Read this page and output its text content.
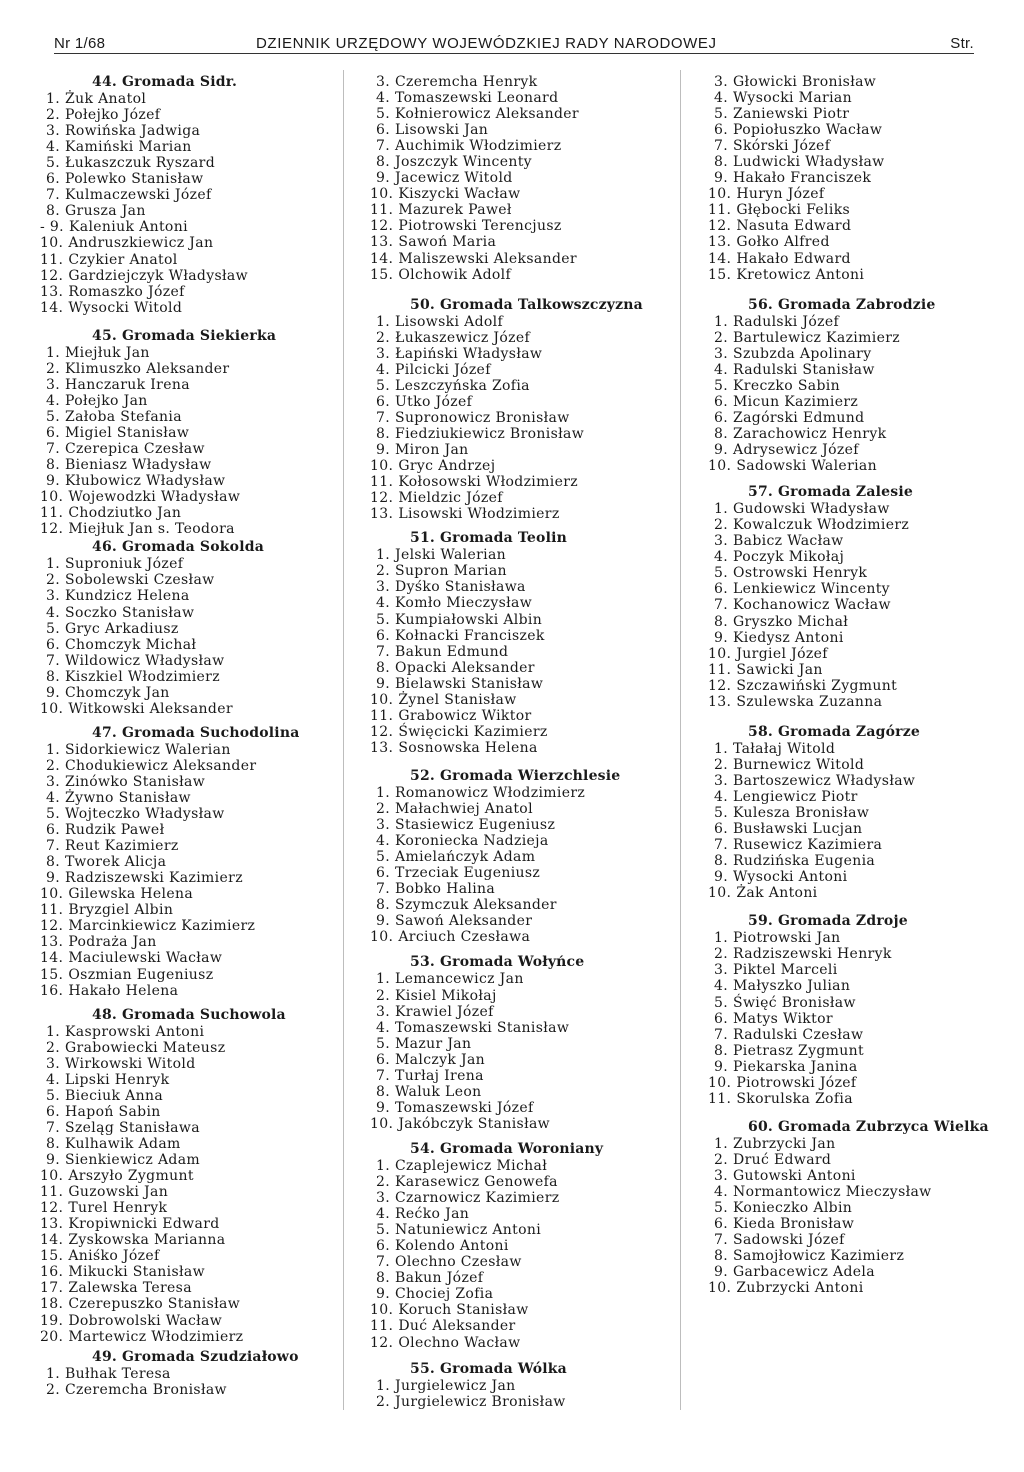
Nr 1/68	DZIENNIK URZĘDOWY WOJEWÓDZKIEJ RADY NARODOWEJ	Str.
44. Gromada Sidr.
1. Żuk Anatol
2. Połejko Józef
3. Rowińska Jadwiga
4. Kamiński Marian
5. Łukaszczuk Ryszard
6. Polewko Stanisław
7. Kulmaczewski Józef
8. Grusza Jan
- 9. Kaleniuk Antoni
10. Andruszkiewicz Jan
11. Czykier Anatol
12. Gardziejczyk Władysław
13. Romaszko Józef
14. Wysocki Witold
45. Gromada Siekierka
1. Miejłuk Jan
2. Klimuszko Aleksander
3. Hanczaruk Irena
4. Połejko Jan
5. Załoba Stefania
6. Migiel Stanisław
7. Czerepica Czesław
8. Bieniasz Władysław
9. Kłubowicz Władysław
10. Wojewodzki Władysław
11. Chodziutko Jan
12. Miejłuk Jan s. Teodora
46. Gromada Sokolda
1. Suproniuk Józef
2. Sobolewski Czesław
3. Kundzicz Helena
4. Soczko Stanisław
5. Gryc Arkadiusz
6. Chomczyk Michał
7. Wildowicz Władysław
8. Kiszkiel Włodzimierz
9. Chomczyk Jan
10. Witkowski Aleksander
47. Gromada Suchodolina
1. Sidorkiewicz Walerian
2. Chodukiewicz Aleksander
3. Zinówko Stanisław
4. Żywno Stanisław
5. Wojteczko Władysław
6. Rudzik Paweł
7. Reut Kazimierz
8. Tworek Alicja
9. Radziszewski Kazimierz
10. Gilewska Helena
11. Bryzgiel Albin
12. Marcinkiewicz Kazimierz
13. Podraża Jan
14. Maciulewski Wacław
15. Oszmian Eugeniusz
16. Hakało Helena
48. Gromada Suchowola
1. Kasprowski Antoni
2. Grabowiecki Mateusz
3. Wirkowski Witold
4. Lipski Henryk
5. Bieciuk Anna
6. Hapoń Sabin
7. Szeląg Stanisława
8. Kulhawik Adam
9. Sienkiewicz Adam
10. Arszyło Zygmunt
11. Guzowski Jan
12. Turel Henryk
13. Kropiwnicki Edward
14. Zyskowska Marianna
15. Aniśko Józef
16. Mikucki Stanisław
17. Zalewska Teresa
18. Czerepuszko Stanisław
19. Dobrowolski Wacław
20. Martewicz Włodzimierz
49. Gromada Szudziałowo
1. Bułhak Teresa
2. Czeremcha Bronisław
3. Czeremcha Henryk
4. Tomaszewski Leonard
5. Kołnierowicz Aleksander
6. Lisowski Jan
7. Auchimik Włodzimierz
8. Joszczyk Wincenty
9. Jacewicz Witold
10. Kiszycki Wacław
11. Mazurek Paweł
12. Piotrowski Terencjusz
13. Sawoń Maria
14. Maliszewski Aleksander
15. Olchowik Adolf
50. Gromada Talkowszczyzna
1. Lisowski Adolf
2. Łukaszewicz Józef
3. Łapiński Władysław
4. Pilcicki Józef
5. Leszczyńska Zofia
6. Utko Józef
7. Supronowicz Bronisław
8. Fiedziukiewicz Bronisław
9. Miron Jan
10. Gryc Andrzej
11. Kołosowski Włodzimierz
12. Mieldzic Józef
13. Lisowski Włodzimierz
51. Gromada Teolin
1. Jelski Walerian
2. Supron Marian
3. Dyśko Stanisława
4. Komło Mieczysław
5. Kumpiałowski Albin
6. Kołnacki Franciszek
7. Bakun Edmund
8. Opacki Aleksander
9. Bielawski Stanisław
10. Żynel Stanisław
11. Grabowicz Wiktor
12. Święcicki Kazimierz
13. Sosnowska Helena
52. Gromada Wierzchlesie
1. Romanowicz Włodzimierz
2. Małachwiej Anatol
3. Stasiewicz Eugeniusz
4. Koroniecka Nadzieja
5. Amielańczyk Adam
6. Trzeciak Eugeniusz
7. Bobko Halina
8. Szymczuk Aleksander
9. Sawoń Aleksander
10. Arciuch Czesława
53. Gromada Wołyńce
1. Lemancewicz Jan
2. Kisiel Mikołaj
3. Krawiel Józef
4. Tomaszewski Stanisław
5. Mazur Jan
6. Malczyk Jan
7. Turłaj Irena
8. Waluk Leon
9. Tomaszewski Józef
10. Jakóbczyk Stanisław
54. Gromada Woroniany
1. Czaplejewicz Michał
2. Karasewicz Genowefa
3. Czarnowicz Kazimierz
4. Rećko Jan
5. Natuniewicz Antoni
6. Kolendo Antoni
7. Olechno Czesław
8. Bakun Józef
9. Chociej Zofia
10. Koruch Stanisław
11. Duć Aleksander
12. Olechno Wacław
55. Gromada Wólka
1. Jurgielewicz Jan
2. Jurgielewicz Bronisław
3. Głowicki Bronisław
4. Wysocki Marian
5. Zaniewski Piotr
6. Popiołuszko Wacław
7. Skórski Józef
8. Ludwicki Władysław
9. Hakało Franciszek
10. Huryn Józef
11. Głębocki Feliks
12. Nasuta Edward
13. Gołko Alfred
14. Hakało Edward
15. Kretowicz Antoni
56. Gromada Zabrodzie
1. Radulski Józef
2. Bartulewicz Kazimierz
3. Szubzda Apolinary
4. Radulski Stanisław
5. Kreczko Sabin
6. Micun Kazimierz
6. Zagórski Edmund
8. Zarachowicz Henryk
9. Adrysewicz Józef
10. Sadowski Walerian
57. Gromada Zalesie
1. Gudowski Władysław
2. Kowalczuk Włodzimierz
3. Babicz Wacław
4. Poczyk Mikołaj
5. Ostrowski Henryk
6. Lenkiewicz Wincenty
7. Kochanowicz Wacław
8. Gryszko Michał
9. Kiedysz Antoni
10. Jurgiel Józef
11. Sawicki Jan
12. Szczawiński Zygmunt
13. Szulewska Zuzanna
58. Gromada Zagórze
1. Tałałaj Witold
2. Burnewicz Witold
3. Bartoszewicz Władysław
4. Lengiewicz Piotr
5. Kulesza Bronisław
6. Busławski Lucjan
7. Rusewicz Kazimiera
8. Rudzińska Eugenia
9. Wysocki Antoni
10. Żak Antoni
59. Gromada Zdroje
1. Piotrowski Jan
2. Radziszewski Henryk
3. Piktel Marceli
4. Małyszko Julian
5. Święć Bronisław
6. Matys Wiktor
7. Radulski Czesław
8. Pietrasz Zygmunt
9. Piekarska Janina
10. Piotrowski Józef
11. Skorulska Zofia
60. Gromada Zubrzyca Wielka
1. Zubrzycki Jan
2. Druć Edward
3. Gutowski Antoni
4. Normantowicz Mieczysław
5. Konieczko Albin
6. Kieda Bronisław
7. Sadowski Józef
8. Samojłowicz Kazimierz
9. Garbacewicz Adela
10. Zubrzycki Antoni
